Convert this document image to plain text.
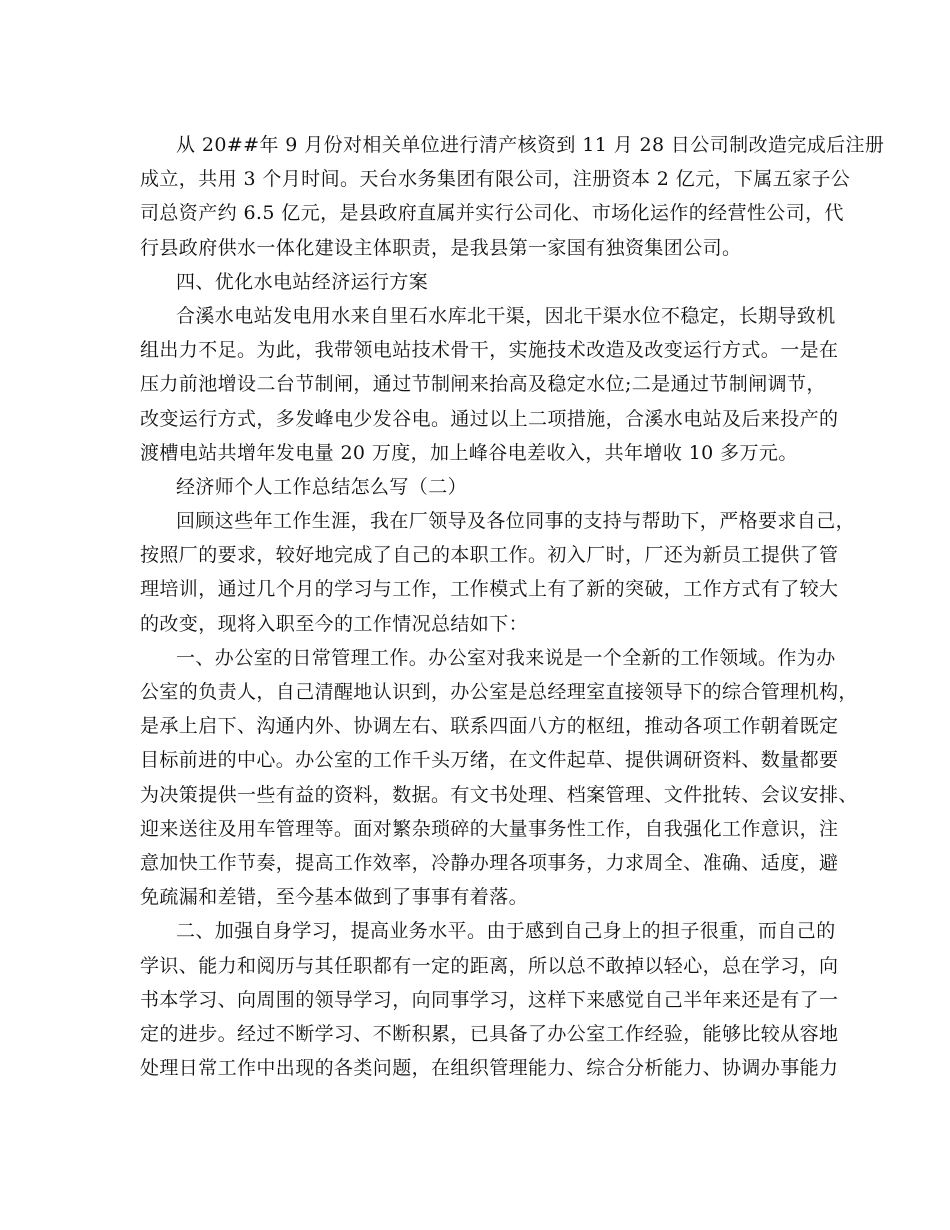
从 20##年 9 月份对相关单位进行清产核资到 11 月 28 日公司制改造完成后注册

成立，共用 3 个月时间。天台水务集团有限公司，注册资本 2 亿元，下属五家子公

司总资产约 6.5 亿元，是县政府直属并实行公司化、市场化运作的经营性公司，代

行县政府供水一体化建设主体职责，是我县第一家国有独资集团公司。

四、优化水电站经济运行方案

合溪水电站发电用水来自里石水库北干渠，因北干渠水位不稳定，长期导致机

组出力不足。为此，我带领电站技术骨干，实施技术改造及改变运行方式。一是在

压力前池增设二台节制闸，通过节制闸来抬高及稳定水位;二是通过节制闸调节，

改变运行方式，多发峰电少发谷电。通过以上二项措施，合溪水电站及后来投产的

渡槽电站共增年发电量 20 万度，加上峰谷电差收入，共年增收 10 多万元。

经济师个人工作总结怎么写（二）

回顾这些年工作生涯，我在厂领导及各位同事的支持与帮助下，严格要求自己，

按照厂的要求，较好地完成了自己的本职工作。初入厂时，厂还为新员工提供了管

理培训，通过几个月的学习与工作，工作模式上有了新的突破，工作方式有了较大

的改变，现将入职至今的工作情况总结如下：

一、办公室的日常管理工作。办公室对我来说是一个全新的工作领域。作为办

公室的负责人，自己清醒地认识到，办公室是总经理室直接领导下的综合管理机构，

是承上启下、沟通内外、协调左右、联系四面八方的枢纽，推动各项工作朝着既定

目标前进的中心。办公室的工作千头万绪，在文件起草、提供调研资料、数量都要

为决策提供一些有益的资料，数据。有文书处理、档案管理、文件批转、会议安排、

迎来送往及用车管理等。面对繁杂琐碎的大量事务性工作，自我强化工作意识，注

意加快工作节奏，提高工作效率，冷静办理各项事务，力求周全、准确、适度，避

免疏漏和差错，至今基本做到了事事有着落。

二、加强自身学习，提高业务水平。由于感到自己身上的担子很重，而自己的

学识、能力和阅历与其任职都有一定的距离，所以总不敢掉以轻心，总在学习，向

书本学习、向周围的领导学习，向同事学习，这样下来感觉自己半年来还是有了一

定的进步。经过不断学习、不断积累，已具备了办公室工作经验，能够比较从容地

处理日常工作中出现的各类问题，在组织管理能力、综合分析能力、协调办事能力
